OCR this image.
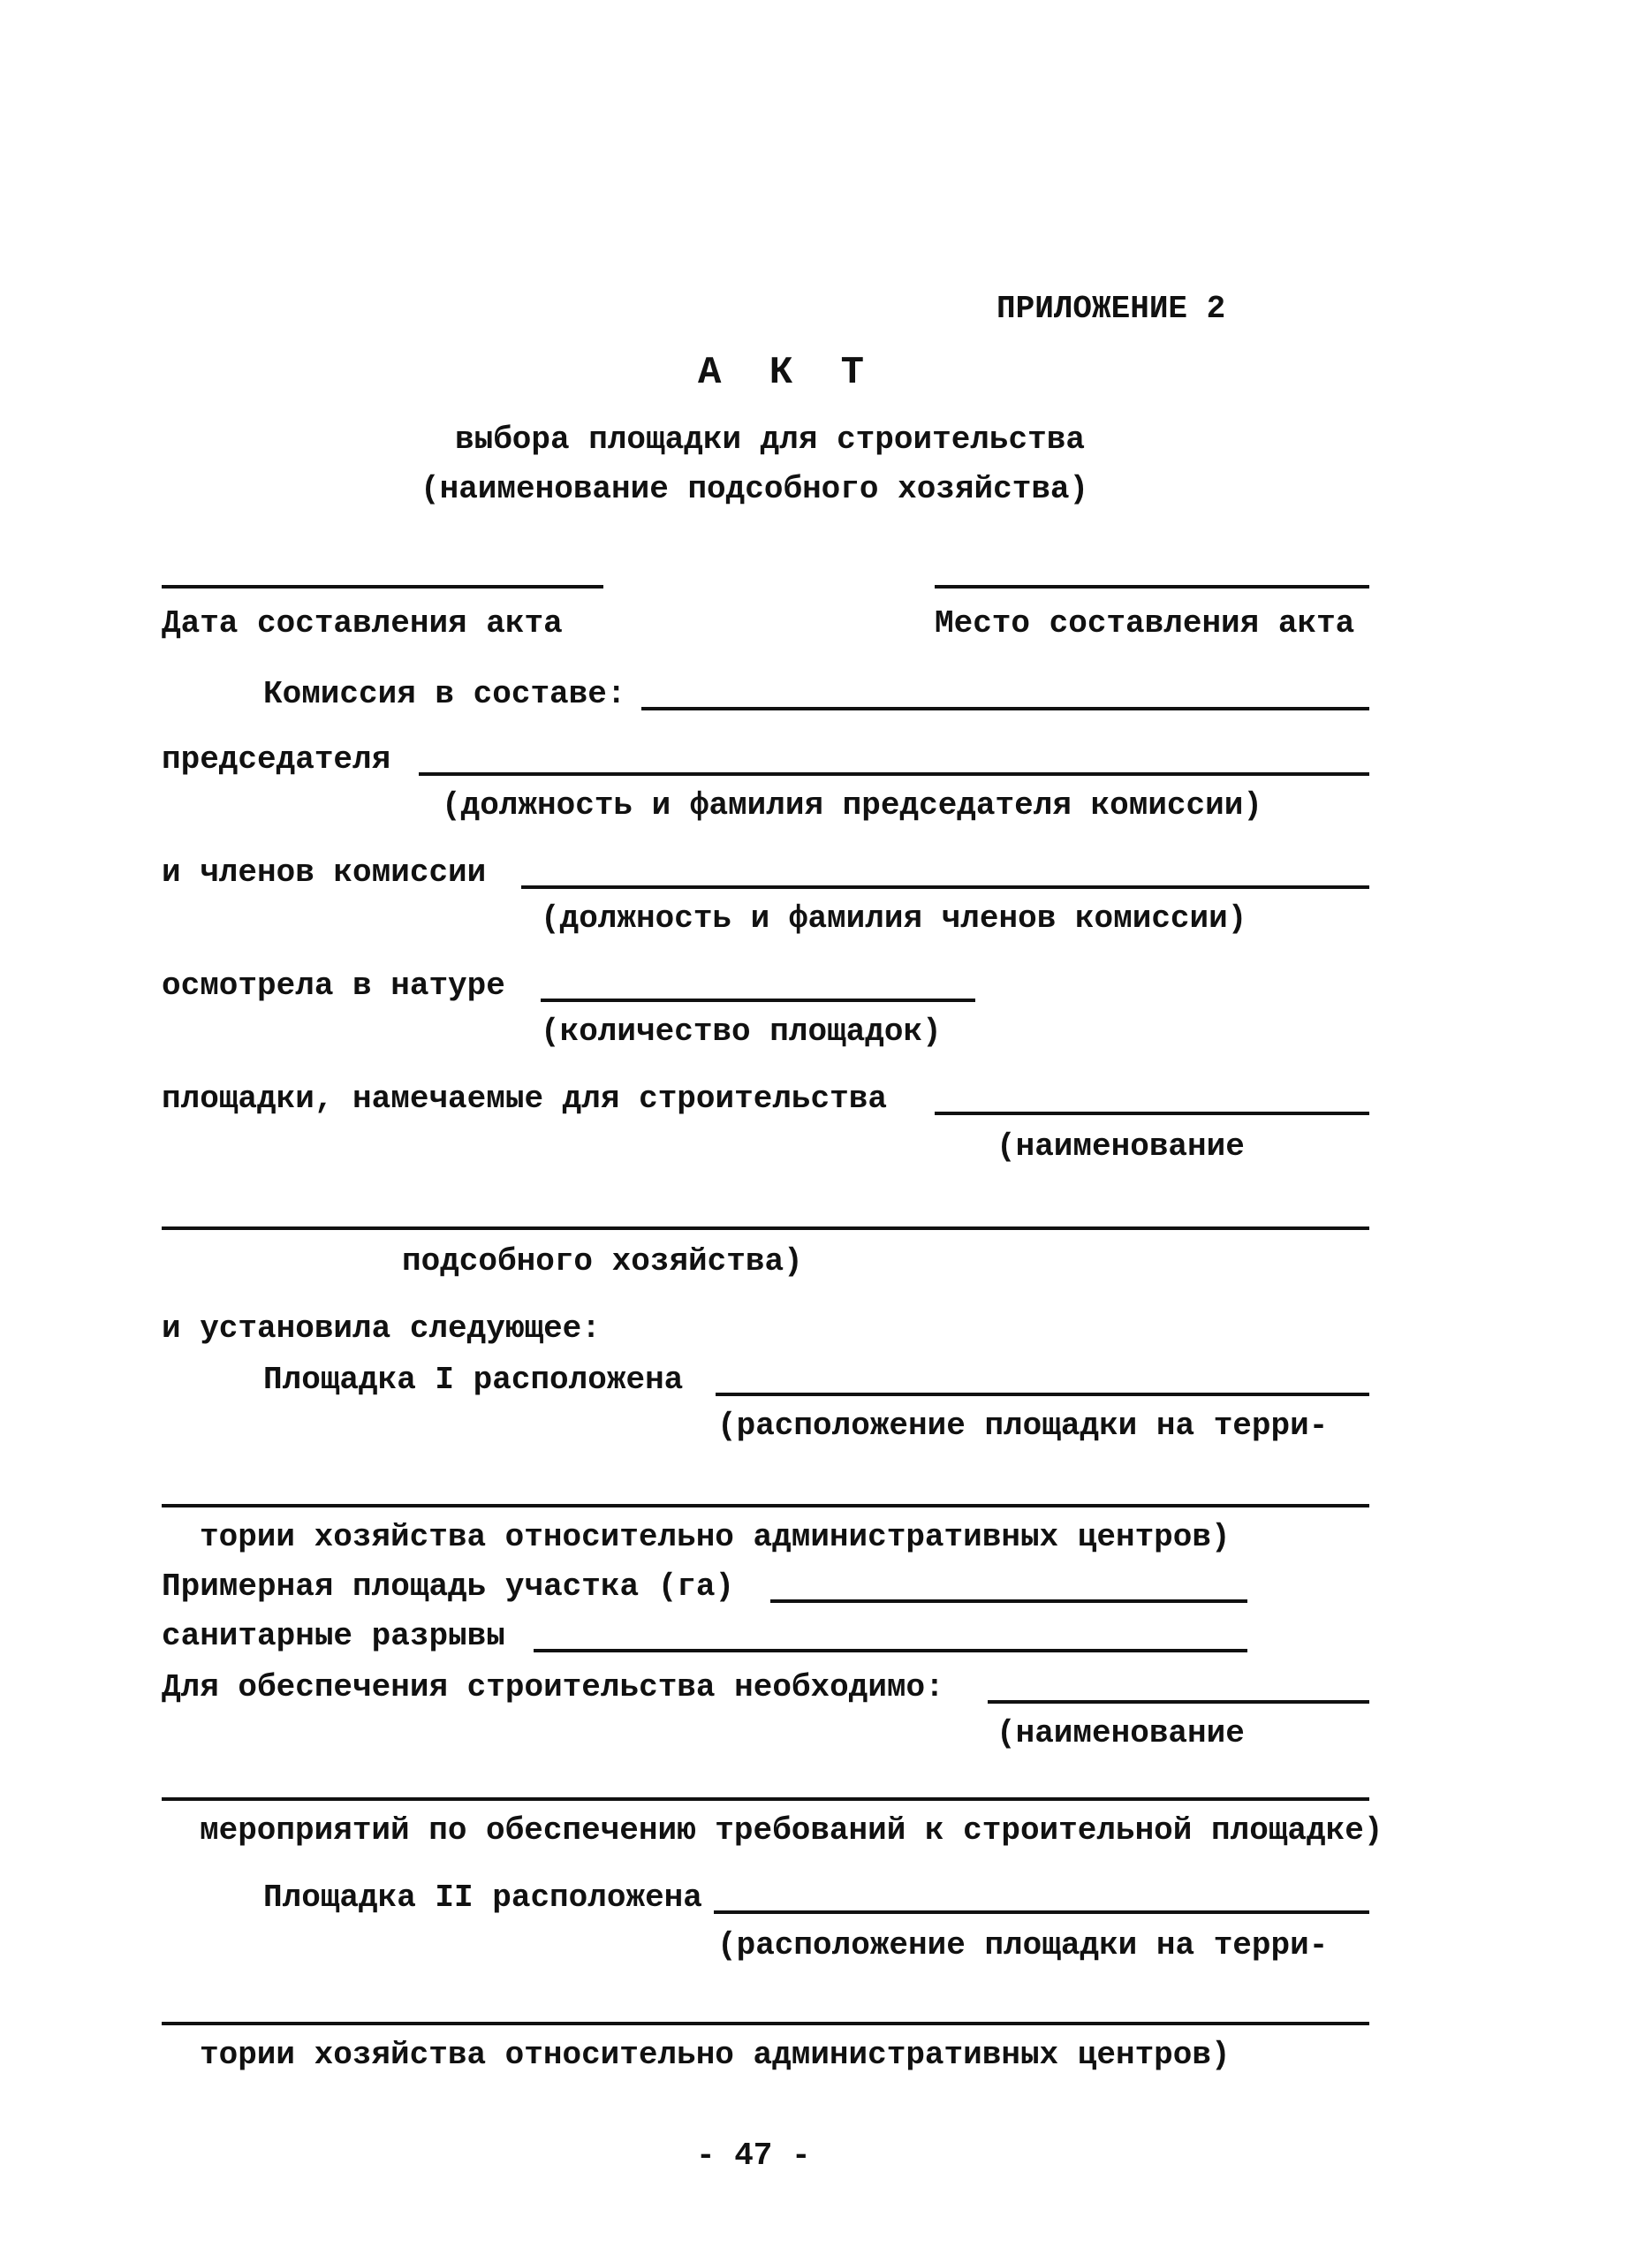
ПРИЛОЖЕНИЕ 2
А К Т
выбора площадки для строительства
(наименование подсобного хозяйства)
Дата составления акта	Место составления акта
Комиссия в составе:
председателя
(должность и фамилия председателя комиссии)
и членов комиссии
(должность и фамилия членов комиссии)
осмотрела в натуре
(количество площадок)
площадки, намечаемые для строительства
(наименование
подсобного хозяйства)
и установила следующее:
Площадка I расположена
(расположение площадки на терри-
тории хозяйства относительно административных центров)
Примерная площадь участка (га)
санитарные разрывы
Для обеспечения строительства необходимо:
(наименование
мероприятий по обеспечению требований к строительной площадке)
Площадка II расположена
(расположение площадки на терри-
тории хозяйства относительно административных центров)
- 47 -
